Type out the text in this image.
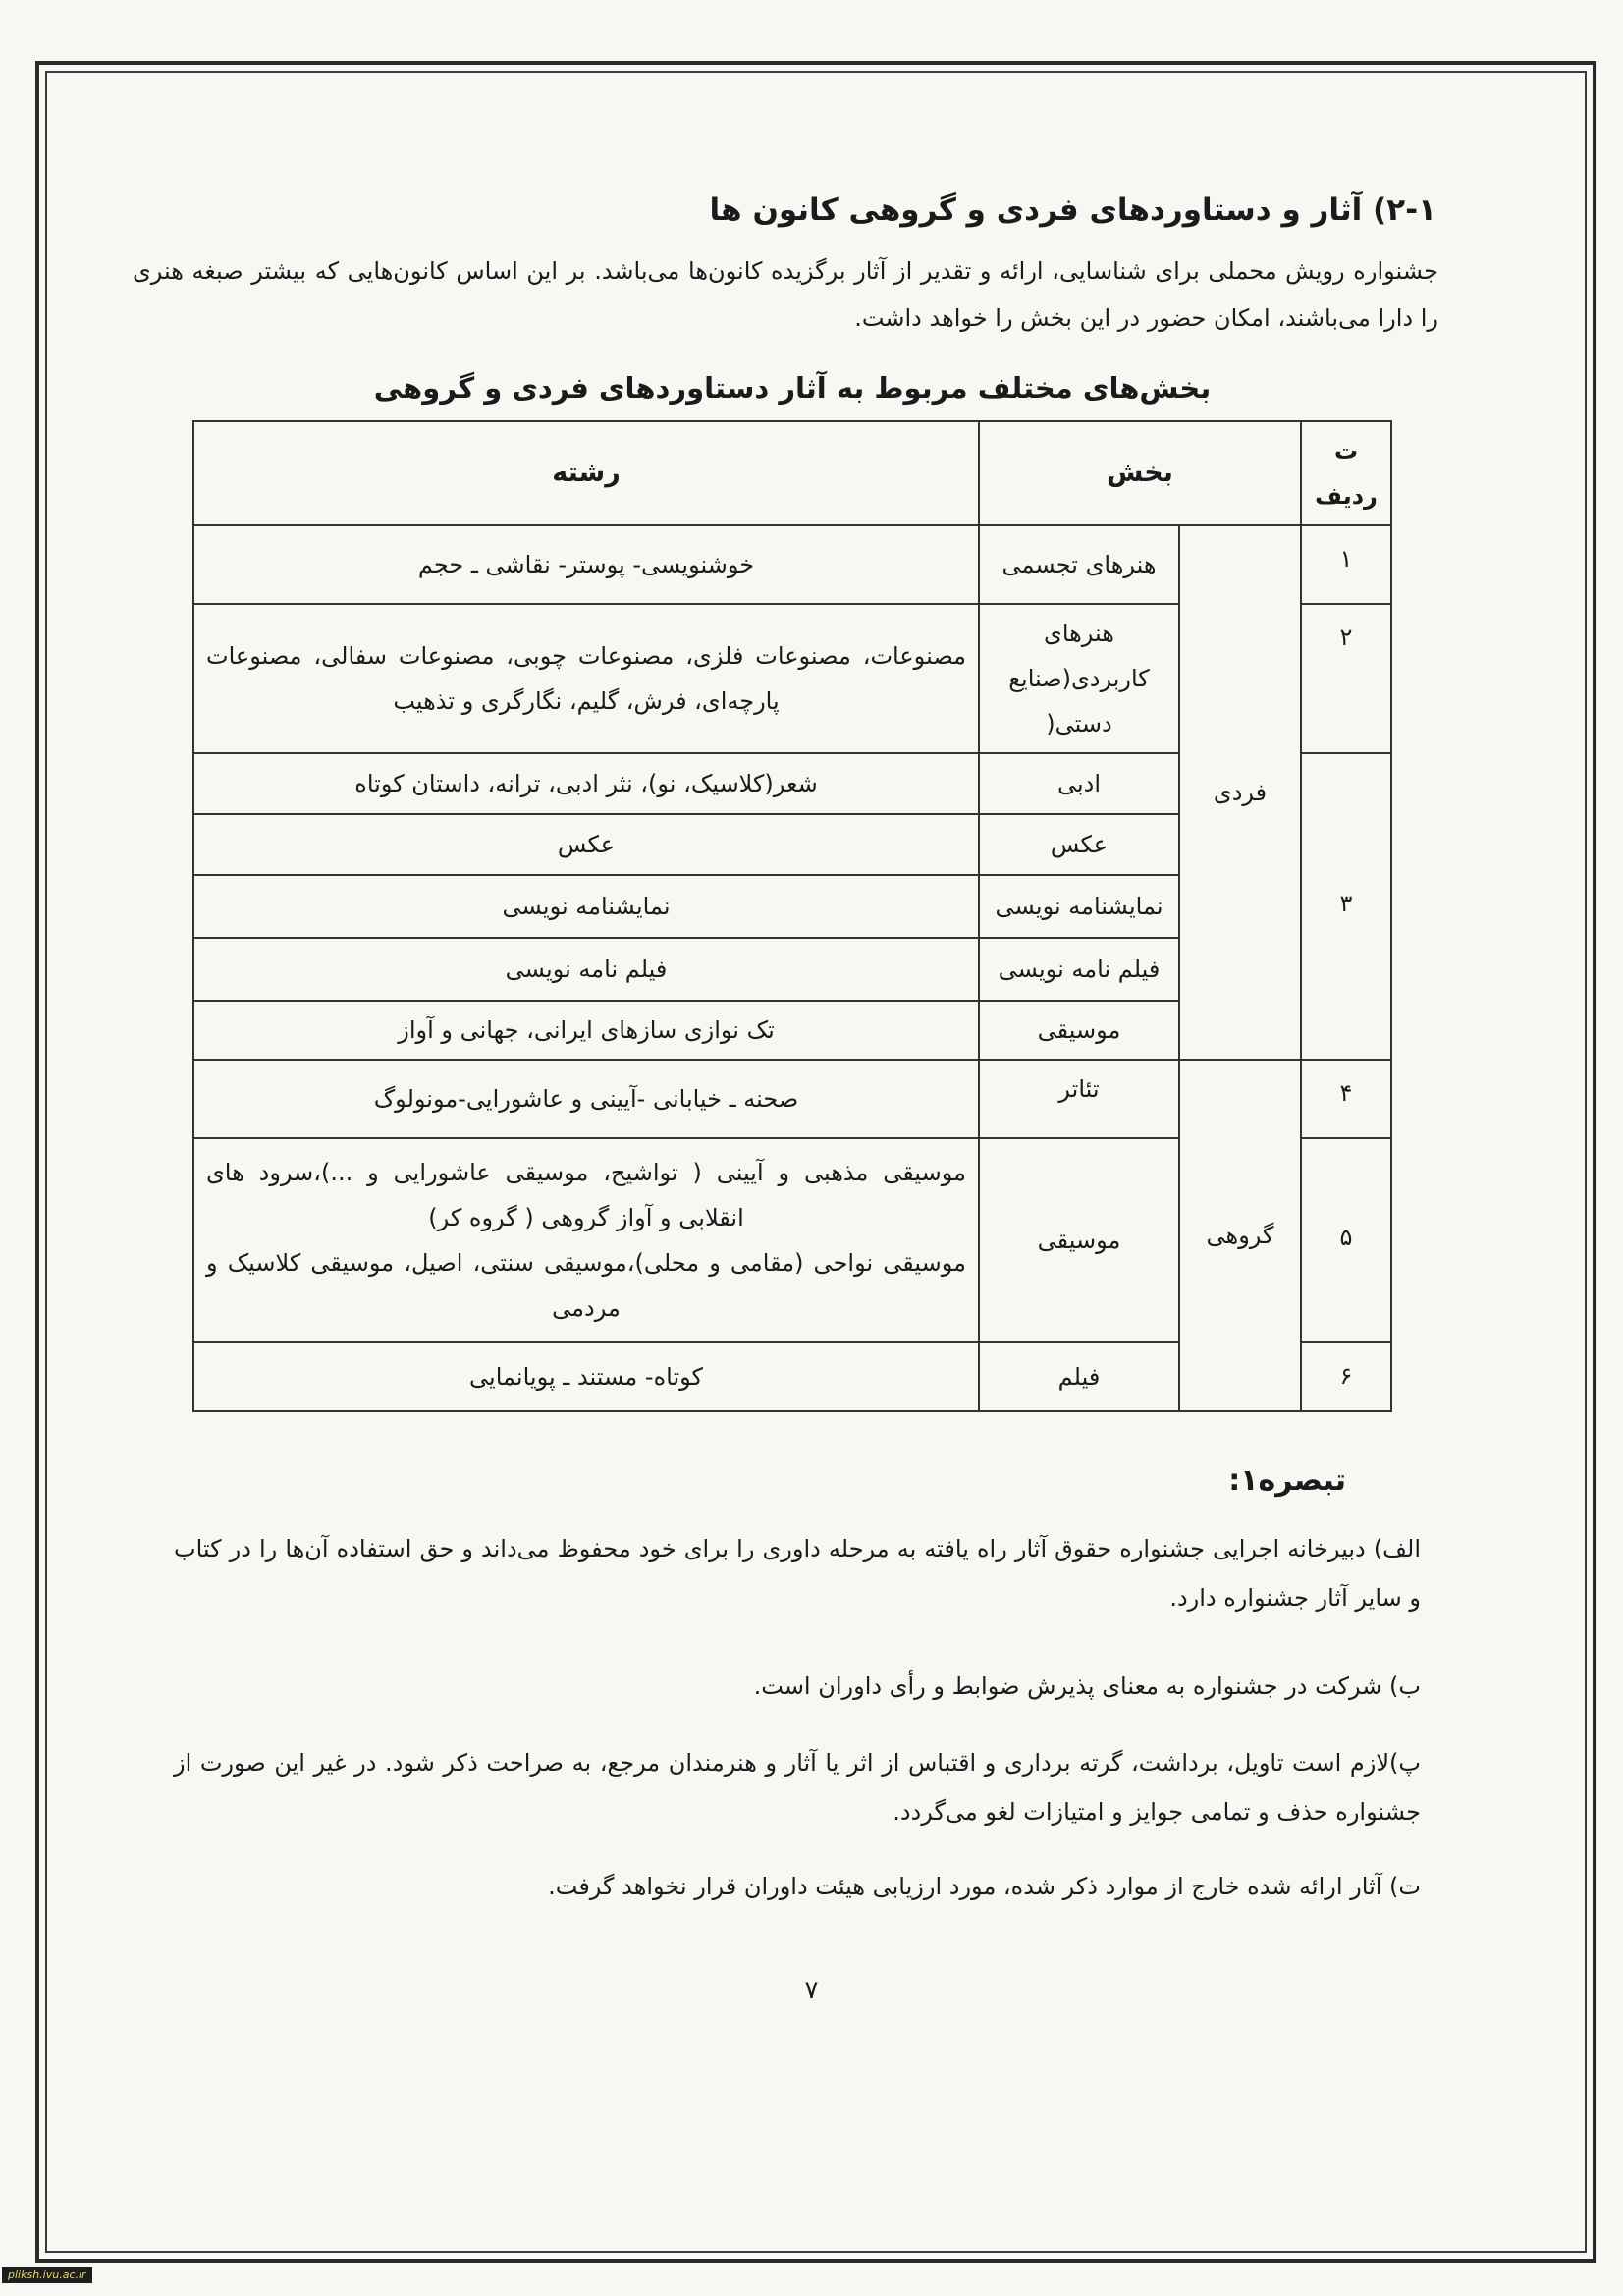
۲-۱) آثار و دستاوردهای فردی و گروهی کانون ها
جشنواره رویش محملی برای شناسایی، ارائه و تقدیر از آثار برگزیده کانون‌ها می‌باشد. بر این اساس کانون‌هایی که بیشتر صبغه هنری را دارا می‌باشند، امکان حضور در این بخش را خواهد داشت.
بخش‌های مختلف مربوط به آثار دستاوردهای فردی و گروهی
ت ردیف	بخش		رشته
۱	فردی	هنرهای تجسمی	خوشنویسی- پوستر- نقاشی ـ حجم
۲		هنرهای کاربردی(صنایع دستی(	مصنوعات، مصنوعات فلزی، مصنوعات چوبی، مصنوعات سفالی، مصنوعات پارچه‌ای، فرش، گلیم، نگارگری و تذهیب
۳		ادبی	شعر(کلاسیک، نو)، نثر ادبی، ترانه، داستان کوتاه
		عکس	عکس
		نمایشنامه نویسی	نمایشنامه نویسی
		فیلم نامه نویسی	فیلم نامه نویسی
		موسیقی	تک نوازی سازهای ایرانی، جهانی و آواز
۴	گروهی	تئاتر	صحنه ـ خیابانی -آیینی و عاشورایی-مونولوگ
۵		موسیقی	موسیقی مذهبی و آیینی ( تواشیح، موسیقی عاشورایی و ...)،سرود های انقلابی و آواز گروهی ( گروه کر)
موسیقی نواحی (مقامی و محلی)،موسیقی سنتی، اصیل، موسیقی کلاسیک و مردمی

۶		فیلم	کوتاه- مستند ـ پویانمایی
تبصره۱:
الف) دبیرخانه اجرایی جشنواره حقوق آثار راه یافته به مرحله داوری را برای خود محفوظ می‌داند و حق استفاده آن‌ها را در کتاب و سایر آثار جشنواره دارد.
ب) شرکت در جشنواره به معنای پذیرش ضوابط و رأی داوران است.
پ)لازم است تاویل، برداشت، گرته برداری و اقتباس از اثر یا آثار و هنرمندان مرجع، به صراحت ذکر شود. در غیر این صورت از جشنواره حذف و تمامی جوایز و امتیازات لغو می‌گردد.
ت) آثار ارائه شده خارج از موارد ذکر شده، مورد ارزیابی هیئت داوران قرار نخواهد گرفت.
۷
pliksh.ivu.ac.ir
